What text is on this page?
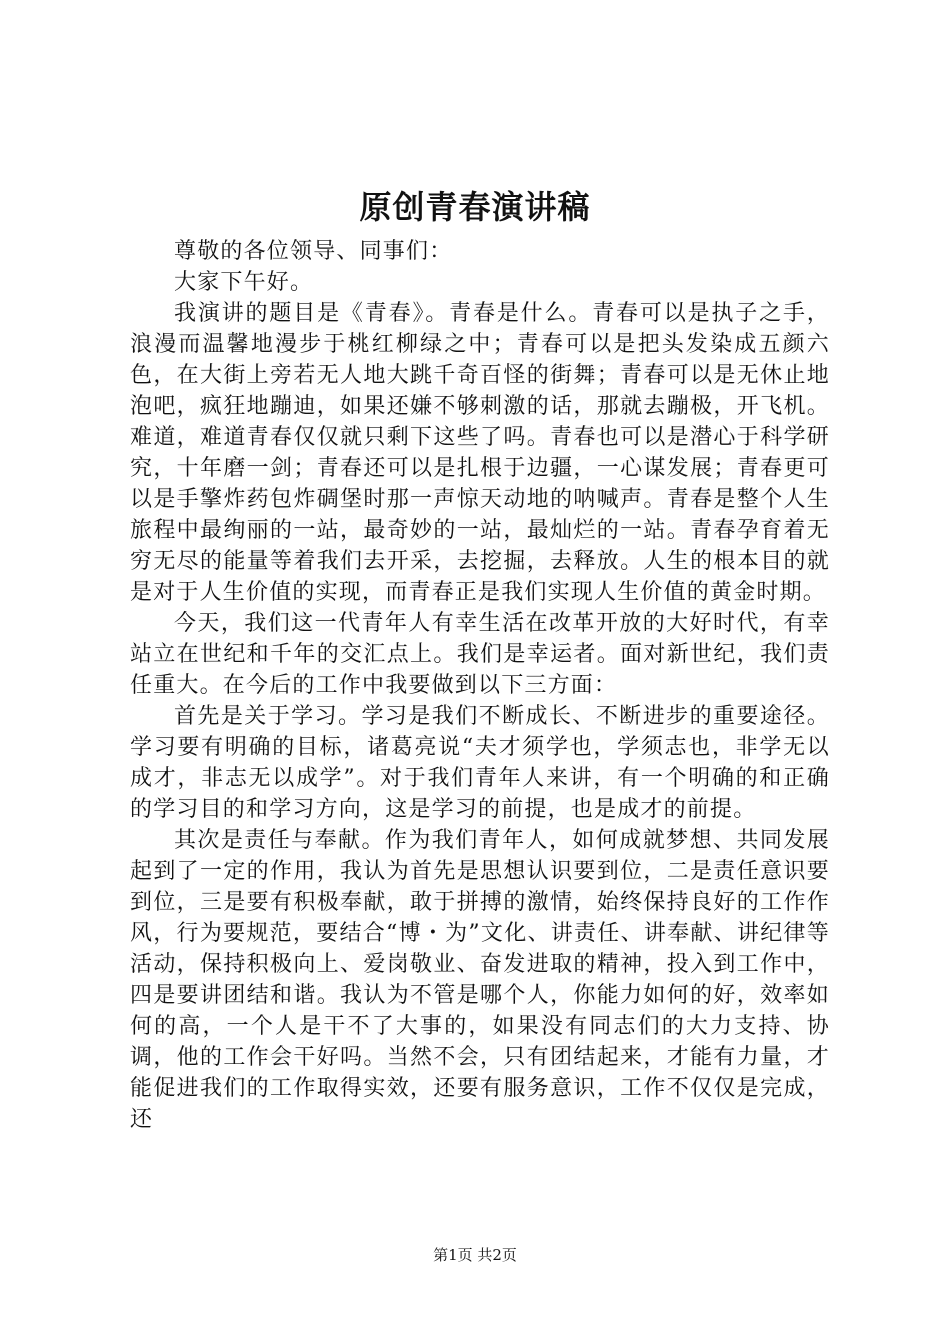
原创青春演讲稿

尊敬的各位领导、同事们：

大家下午好。

我演讲的题目是《青春》。青春是什么。青春可以是执子之手，浪漫而温馨地漫步于桃红柳绿之中；青春可以是把头发染成五颜六色，在大街上旁若无人地大跳千奇百怪的街舞；青春可以是无休止地泡吧，疯狂地蹦迪，如果还嫌不够刺激的话，那就去蹦极，开飞机。难道，难道青春仅仅就只剩下这些了吗。青春也可以是潜心于科学研究，十年磨一剑；青春还可以是扎根于边疆，一心谋发展；青春更可以是手擎炸药包炸碉堡时那一声惊天动地的呐喊声。青春是整个人生旅程中最绚丽的一站，最奇妙的一站，最灿烂的一站。青春孕育着无穷无尽的能量等着我们去开采，去挖掘，去释放。人生的根本目的就是对于人生价值的实现，而青春正是我们实现人生价值的黄金时期。

今天，我们这一代青年人有幸生活在改革开放的大好时代，有幸站立在世纪和千年的交汇点上。我们是幸运者。面对新世纪，我们责任重大。在今后的工作中我要做到以下三方面：

首先是关于学习。学习是我们不断成长、不断进步的重要途径。学习要有明确的目标，诸葛亮说“夫才须学也，学须志也，非学无以成才，非志无以成学”。对于我们青年人来讲，有一个明确的和正确的学习目的和学习方向，这是学习的前提，也是成才的前提。

其次是责任与奉献。作为我们青年人，如何成就梦想、共同发展起到了一定的作用，我认为首先是思想认识要到位，二是责任意识要到位，三是要有积极奉献，敢于拼搏的激情，始终保持良好的工作作风，行为要规范，要结合“博・为”文化、讲责任、讲奉献、讲纪律等活动，保持积极向上、爱岗敬业、奋发进取的精神，投入到工作中，四是要讲团结和谐。我认为不管是哪个人，你能力如何的好，效率如何的高，一个人是干不了大事的，如果没有同志们的大力支持、协调，他的工作会干好吗。当然不会，只有团结起来，才能有力量，才能促进我们的工作取得实效，还要有服务意识，工作不仅仅是完成，还

第1页 共2页
